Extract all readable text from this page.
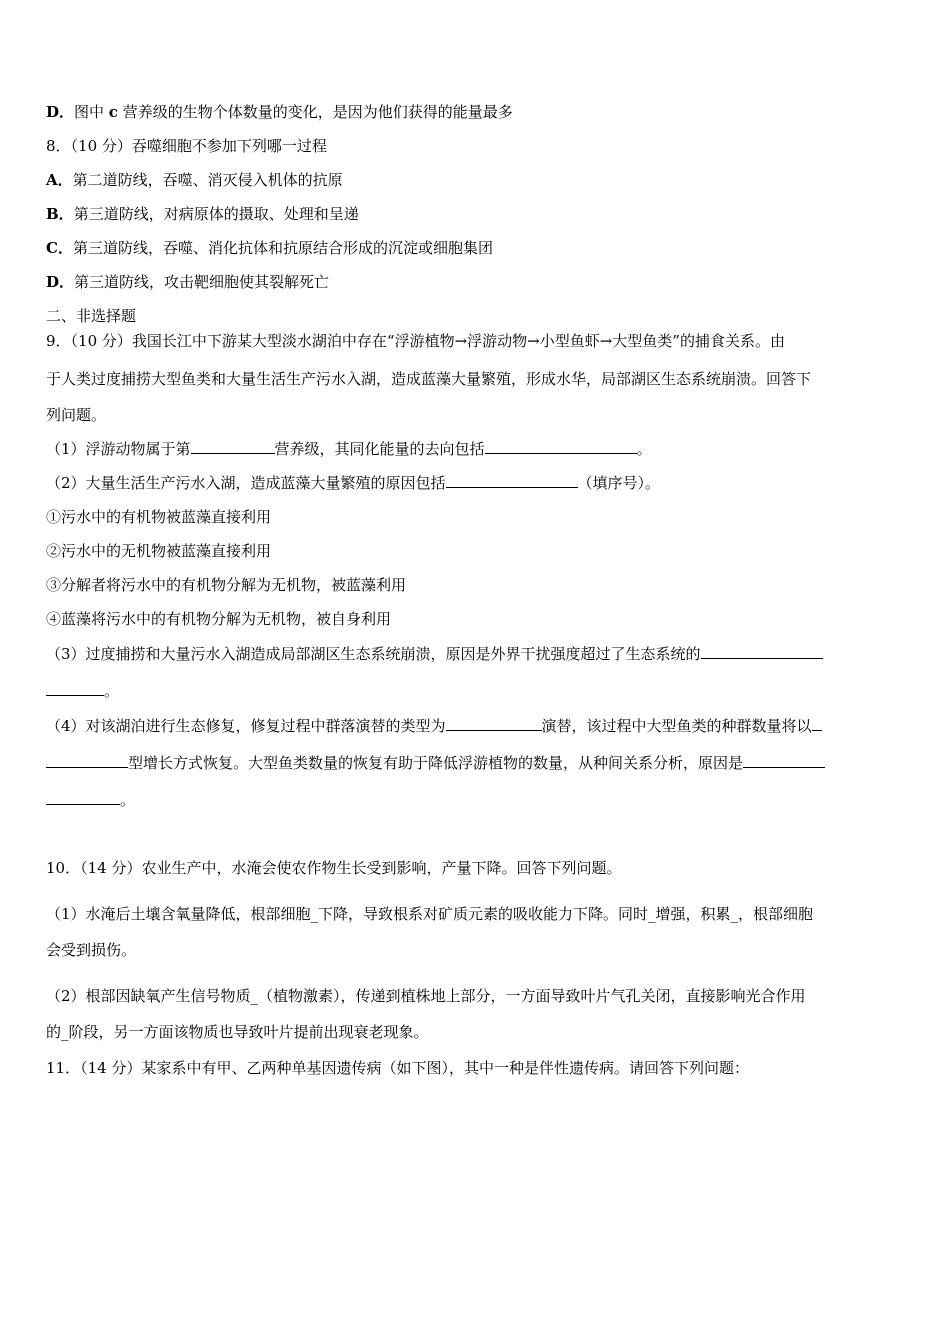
D．图中 c 营养级的生物个体数量的变化，是因为他们获得的能量最多
8．（10 分）吞噬细胞不参加下列哪一过程
A．第二道防线，吞噬、消灭侵入机体的抗原
B．第三道防线，对病原体的摄取、处理和呈递
C．第三道防线，吞噬、消化抗体和抗原结合形成的沉淀或细胞集团
D．第三道防线，攻击靶细胞使其裂解死亡
二、非选择题
9．（10 分）我国长江中下游某大型淡水湖泊中存在“浮游植物→浮游动物→小型鱼虾→大型鱼类”的捕食关系。由
于人类过度捕捞大型鱼类和大量生活生产污水入湖，造成蓝藻大量繁殖，形成水华，局部湖区生态系统崩溃。回答下
列问题。
（1）浮游动物属于第	营养级，其同化能量的去向包括	。
（2）大量生活生产污水入湖，造成蓝藻大量繁殖的原因包括	（填序号）。
①污水中的有机物被蓝藻直接利用
②污水中的无机物被蓝藻直接利用
③分解者将污水中的有机物分解为无机物，被蓝藻利用
④蓝藻将污水中的有机物分解为无机物，被自身利用
（3）过度捕捞和大量污水入湖造成局部湖区生态系统崩溃，原因是外界干扰强度超过了生态系统的
。
（4）对该湖泊进行生态修复，修复过程中群落演替的类型为	演替，该过程中大型鱼类的种群数量将以
型增长方式恢复。大型鱼类数量的恢复有助于降低浮游植物的数量，从种间关系分析，原因是
。
10．（14 分）农业生产中，水淹会使农作物生长受到影响，产量下降。回答下列问题。
（1）水淹后土壤含氧量降低，根部细胞_下降，导致根系对矿质元素的吸收能力下降。同时_增强，积累_，根部细胞
会受到损伤。
（2）根部因缺氧产生信号物质_（植物激素），传递到植株地上部分，一方面导致叶片气孔关闭，直接影响光合作用
的_阶段，另一方面该物质也导致叶片提前出现衰老现象。
11．（14 分）某家系中有甲、乙两种单基因遗传病（如下图），其中一种是伴性遗传病。请回答下列问题：
